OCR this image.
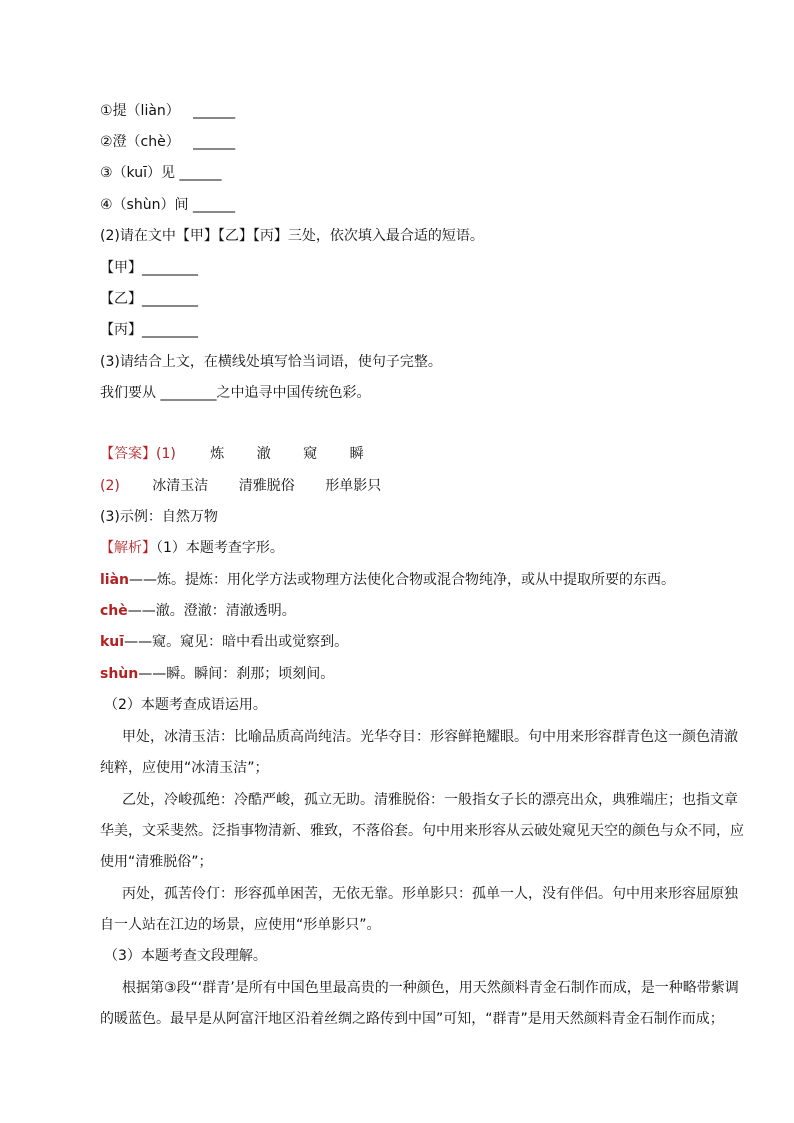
①提（liàn） ______
②澄（chè） ______
③（kuī）见 ______
④（shùn）间 ______
(2)请在文中【甲】【乙】【丙】三处，依次填入最合适的短语。
【甲】________
【乙】________
【丙】________
(3)请结合上文，在横线处填写恰当词语，使句子完整。
我们要从 ________之中追寻中国传统色彩。
【答案】(1) 炼 澈 窥 瞬
(2) 冰清玉洁 清雅脱俗 形单影只
(3)示例：自然万物
【解析】（1）本题考查字形。
liàn——炼。提炼：用化学方法或物理方法使化合物或混合物纯净，或从中提取所要的东西。
chè——澈。澄澈：清澈透明。
kuī——窥。窥见：暗中看出或觉察到。
shùn——瞬。瞬间：刹那；顷刻间。
（2）本题考查成语运用。
甲处，冰清玉洁：比喻品质高尚纯洁。光华夺目：形容鲜艳耀眼。句中用来形容群青色这一颜色清澈
纯粹，应使用“冰清玉洁”；
乙处，冷峻孤绝：冷酷严峻，孤立无助。清雅脱俗：一般指女子长的漂亮出众，典雅端庄；也指文章
华美，文采斐然。泛指事物清新、雅致，不落俗套。句中用来形容从云破处窥见天空的颜色与众不同，应
使用“清雅脱俗”；
丙处，孤苦伶仃：形容孤单困苦，无依无靠。形单影只：孤单一人，没有伴侣。句中用来形容屈原独
自一人站在江边的场景，应使用“形单影只”。
（3）本题考查文段理解。
根据第③段“‘群青’是所有中国色里最高贵的一种颜色，用天然颜料青金石制作而成，是一种略带紫调
的暖蓝色。最早是从阿富汗地区沿着丝绸之路传到中国”可知，“群青”是用天然颜料青金石制作而成；
